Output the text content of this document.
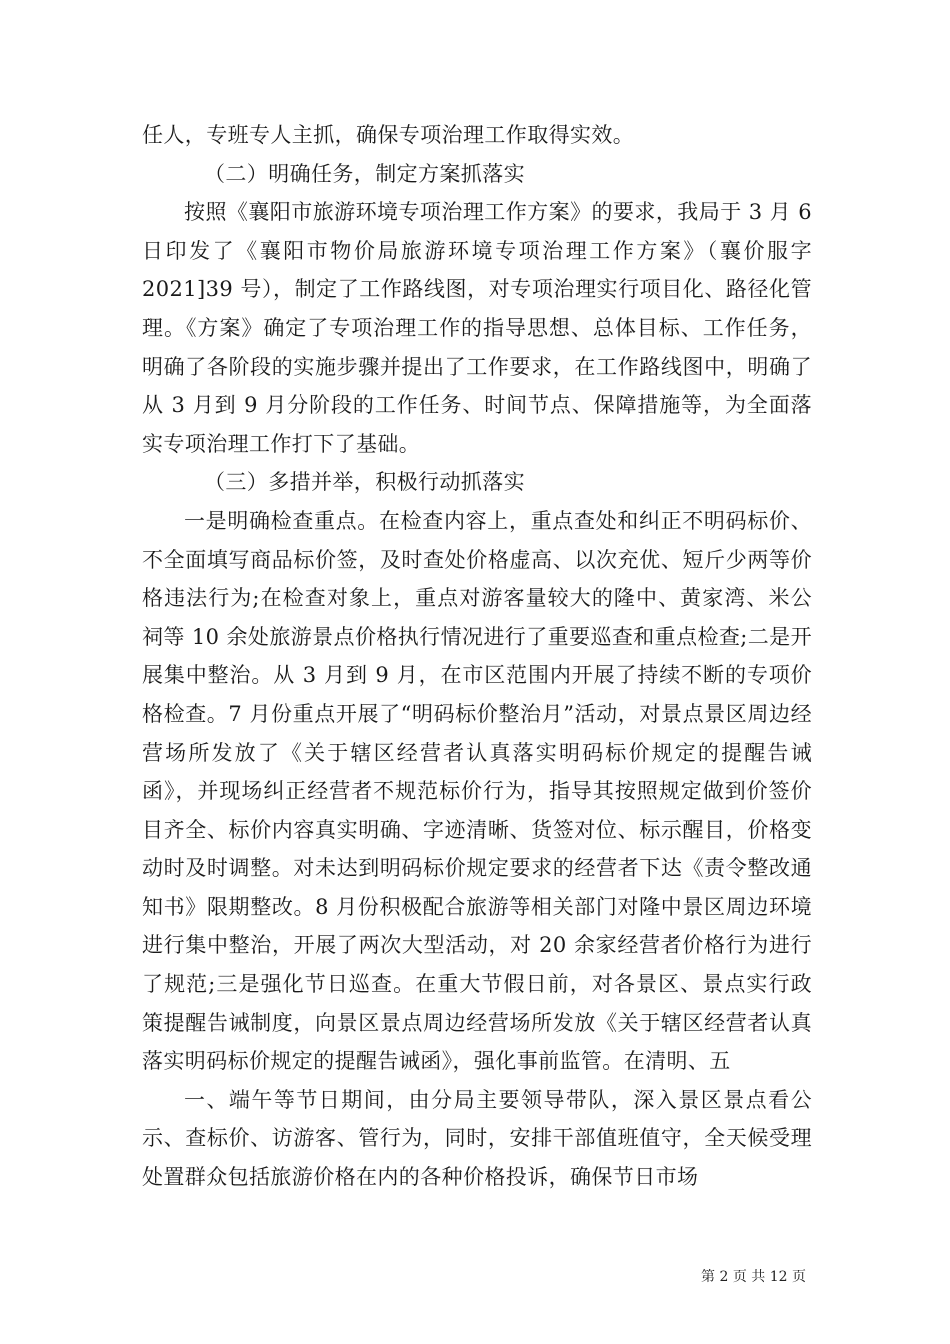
任人，专班专人主抓，确保专项治理工作取得实效。

（二）明确任务，制定方案抓落实

按照《襄阳市旅游环境专项治理工作方案》的要求，我局于 3 月 6 日印发了《襄阳市物价局旅游环境专项治理工作方案》（襄价服字 2021]39 号），制定了工作路线图，对专项治理实行项目化、路径化管理。《方案》确定了专项治理工作的指导思想、总体目标、工作任务，明确了各阶段的实施步骤并提出了工作要求，在工作路线图中，明确了从 3 月到 9 月分阶段的工作任务、时间节点、保障措施等，为全面落实专项治理工作打下了基础。

（三）多措并举，积极行动抓落实

一是明确检查重点。在检查内容上，重点查处和纠正不明码标价、不全面填写商品标价签，及时查处价格虚高、以次充优、短斤少两等价格违法行为;在检查对象上，重点对游客量较大的隆中、黄家湾、米公祠等 10 余处旅游景点价格执行情况进行了重要巡查和重点检查;二是开展集中整治。从 3 月到 9 月，在市区范围内开展了持续不断的专项价格检查。7 月份重点开展了“明码标价整治月”活动，对景点景区周边经营场所发放了《关于辖区经营者认真落实明码标价规定的提醒告诫函》，并现场纠正经营者不规范标价行为，指导其按照规定做到价签价目齐全、标价内容真实明确、字迹清晰、货签对位、标示醒目，价格变动时及时调整。对未达到明码标价规定要求的经营者下达《责令整改通知书》限期整改。8 月份积极配合旅游等相关部门对隆中景区周边环境进行集中整治，开展了两次大型活动，对 20 余家经营者价格行为进行了规范;三是强化节日巡查。在重大节假日前，对各景区、景点实行政策提醒告诫制度，向景区景点周边经营场所发放《关于辖区经营者认真落实明码标价规定的提醒告诫函》，强化事前监管。在清明、五

一、端午等节日期间，由分局主要领导带队，深入景区景点看公示、查标价、访游客、管行为，同时，安排干部值班值守，全天候受理处置群众包括旅游价格在内的各种价格投诉，确保节日市场

第 2 页 共 12 页
